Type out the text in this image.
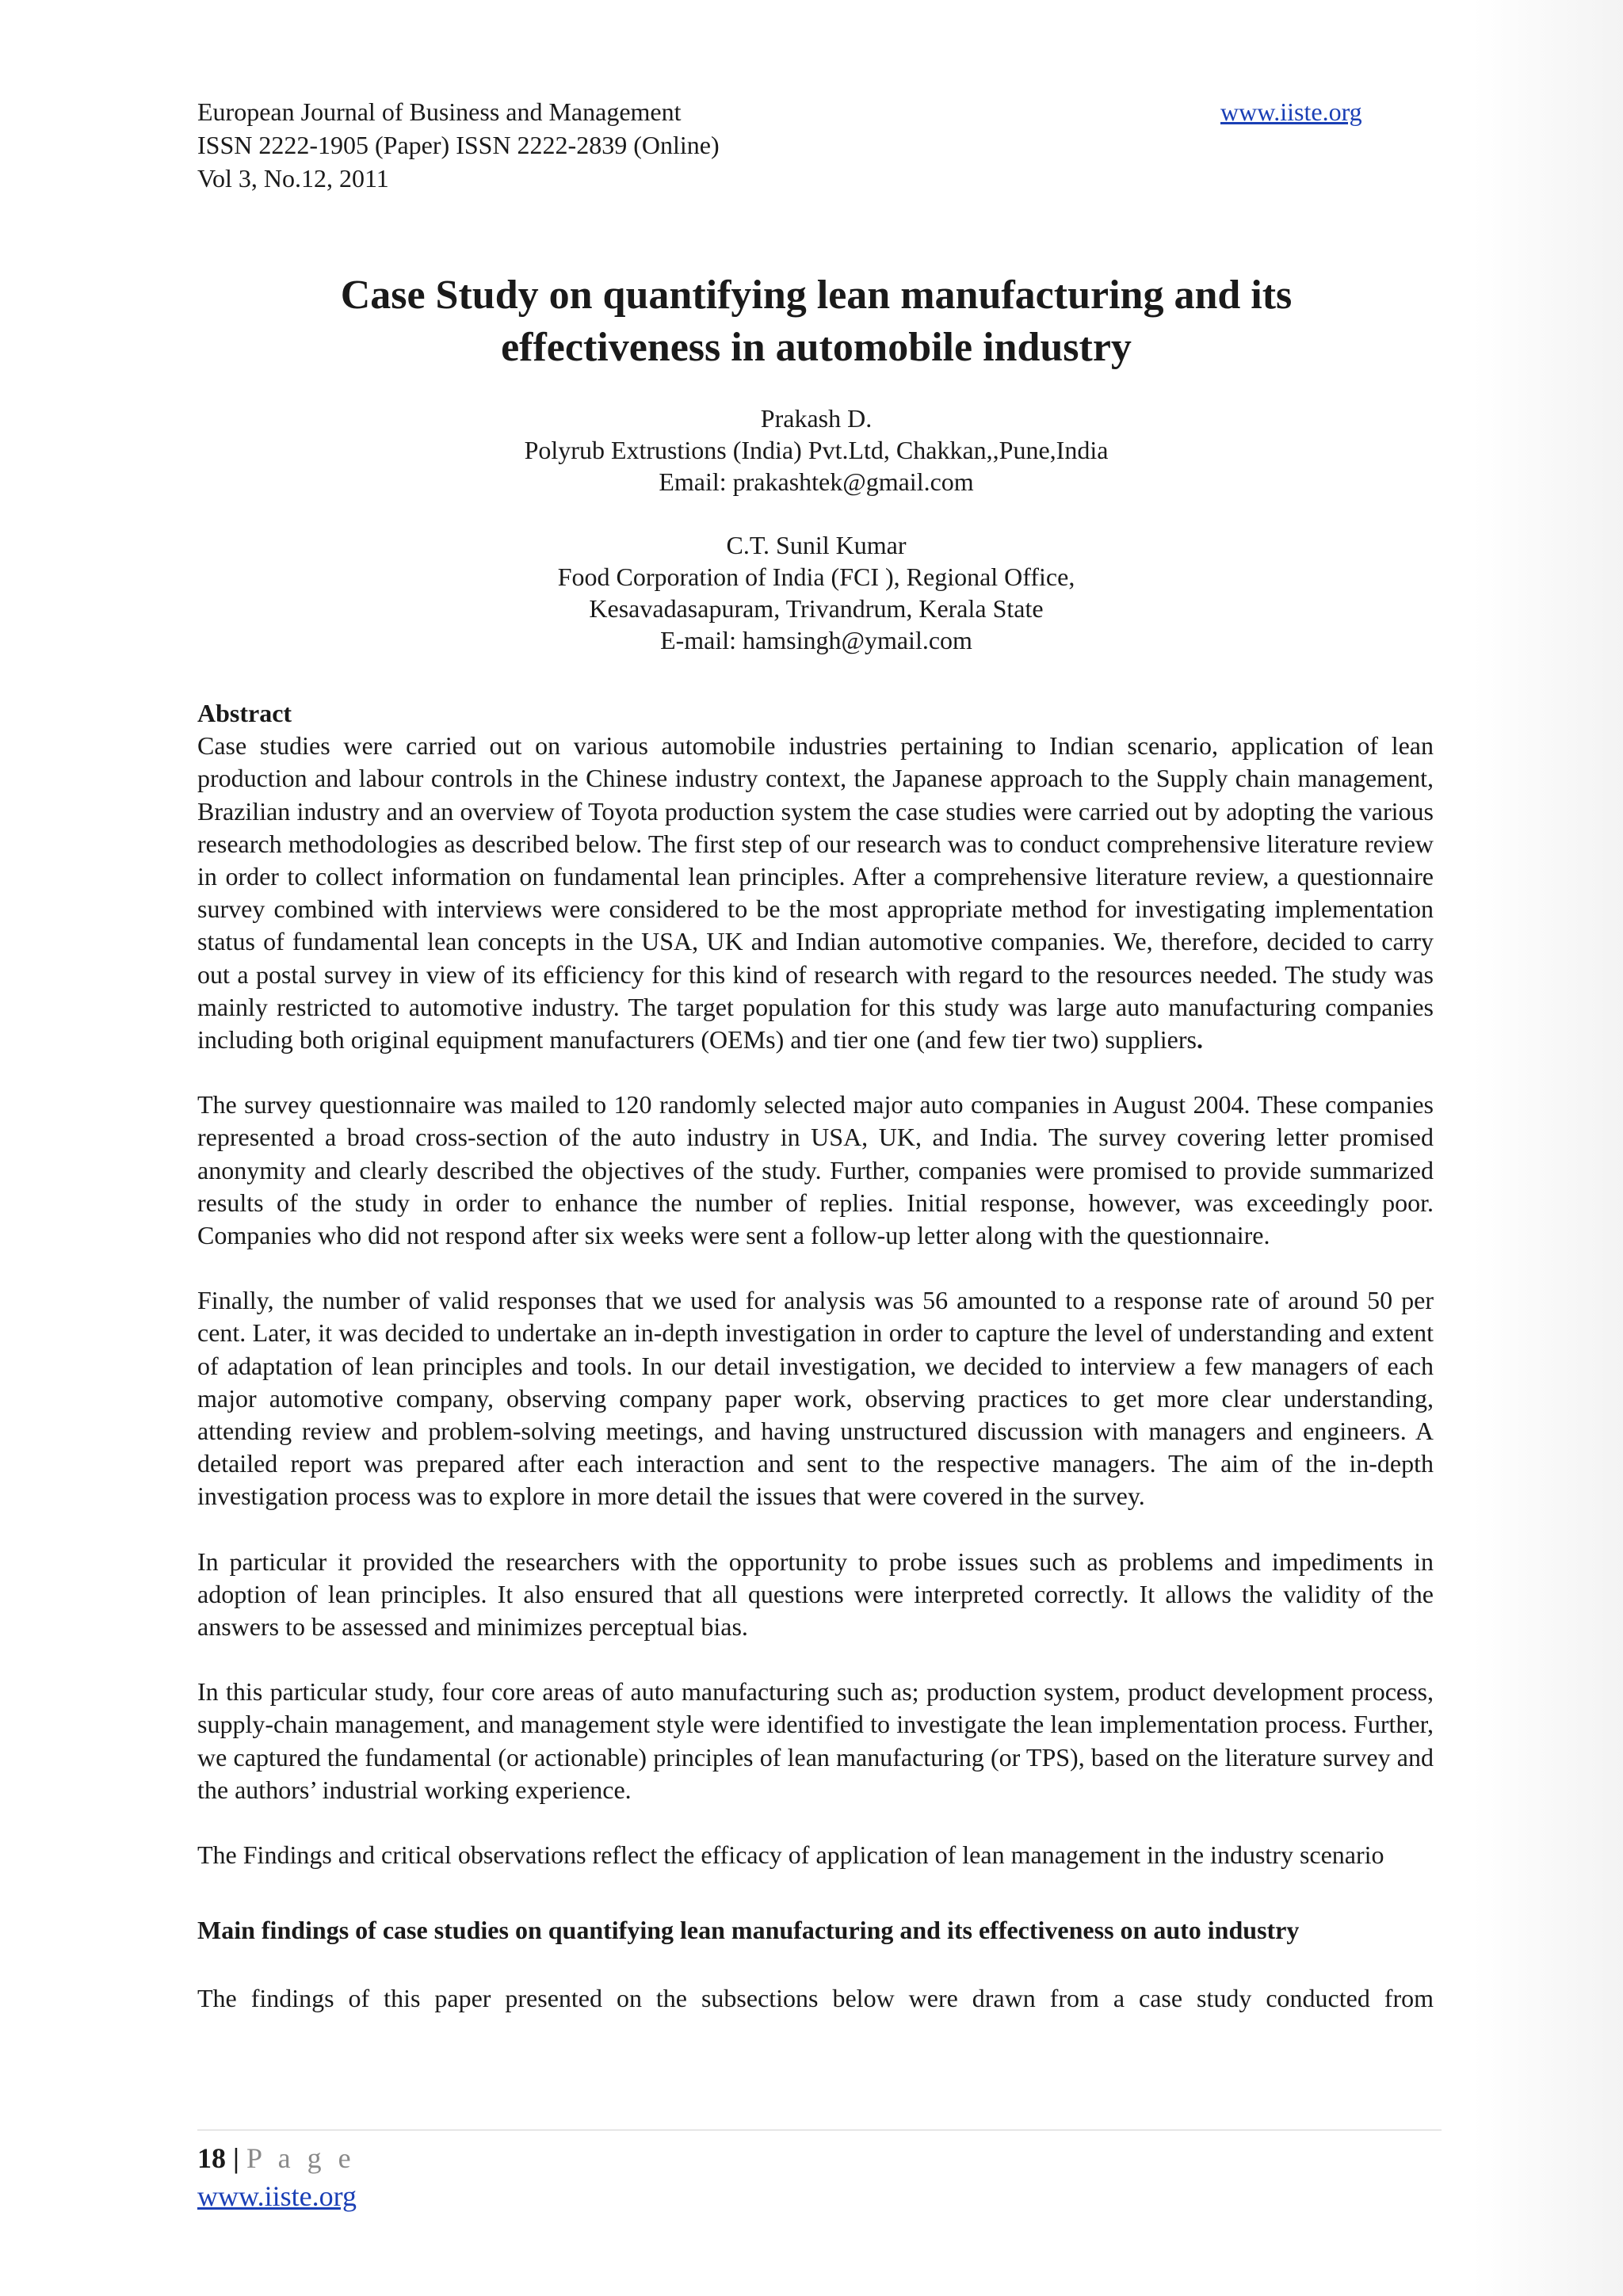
European Journal of Business and Management
ISSN 2222-1905 (Paper) ISSN 2222-2839 (Online)
Vol 3, No.12, 2011
www.iiste.org
Case Study on quantifying lean manufacturing and its
effectiveness in automobile industry
Prakash D.
Polyrub Extrustions (India) Pvt.Ltd, Chakkan,,Pune,India
Email: prakashtek@gmail.com
C.T. Sunil Kumar
Food Corporation of India (FCI ), Regional Office,
Kesavadasapuram, Trivandrum, Kerala State
E-mail: hamsingh@ymail.com
Abstract
Case studies were carried out on various automobile industries pertaining to Indian scenario, application of lean production and labour controls in the Chinese industry context, the Japanese approach to the Supply chain management, Brazilian industry and an overview of Toyota production system the case studies were carried out by adopting the various research methodologies as described below. The first step of our research was to conduct comprehensive literature review in order to collect information on fundamental lean principles. After a comprehensive literature review, a questionnaire survey combined with interviews were considered to be the most appropriate method for investigating implementation status of fundamental lean concepts in the USA, UK and Indian automotive companies. We, therefore, decided to carry out a postal survey in view of its efficiency for this kind of research with regard to the resources needed. The study was mainly restricted to automotive industry. The target population for this study was large auto manufacturing companies including both original equipment manufacturers (OEMs) and tier one (and few tier two) suppliers.
The survey questionnaire was mailed to 120 randomly selected major auto companies in August 2004. These companies represented a broad cross-section of the auto industry in USA, UK, and India. The survey covering letter promised anonymity and clearly described the objectives of the study. Further, companies were promised to provide summarized results of the study in order to enhance the number of replies. Initial response, however, was exceedingly poor. Companies who did not respond after six weeks were sent a follow-up letter along with the questionnaire.
Finally, the number of valid responses that we used for analysis was 56 amounted to a response rate of around 50 per cent. Later, it was decided to undertake an in-depth investigation in order to capture the level of understanding and extent of adaptation of lean principles and tools. In our detail investigation, we decided to interview a few managers of each major automotive company, observing company paper work, observing practices to get more clear understanding, attending review and problem-solving meetings, and having unstructured discussion with managers and engineers. A detailed report was prepared after each interaction and sent to the respective managers. The aim of the in-depth investigation process was to explore in more detail the issues that were covered in the survey.
In particular it provided the researchers with the opportunity to probe issues such as problems and impediments in adoption of lean principles. It also ensured that all questions were interpreted correctly. It allows the validity of the answers to be assessed and minimizes perceptual bias.
In this particular study, four core areas of auto manufacturing such as; production system, product development process, supply-chain management, and management style were identified to investigate the lean implementation process. Further, we captured the fundamental (or actionable) principles of lean manufacturing (or TPS), based on the literature survey and the authors’ industrial working experience.
The Findings and critical observations reflect the efficacy of application of lean management in the industry scenario
Main findings of case studies on quantifying lean manufacturing and its effectiveness on auto industry
The findings of this paper presented on the subsections below were drawn from a case study conducted from
18 | P a g e
www.iiste.org
